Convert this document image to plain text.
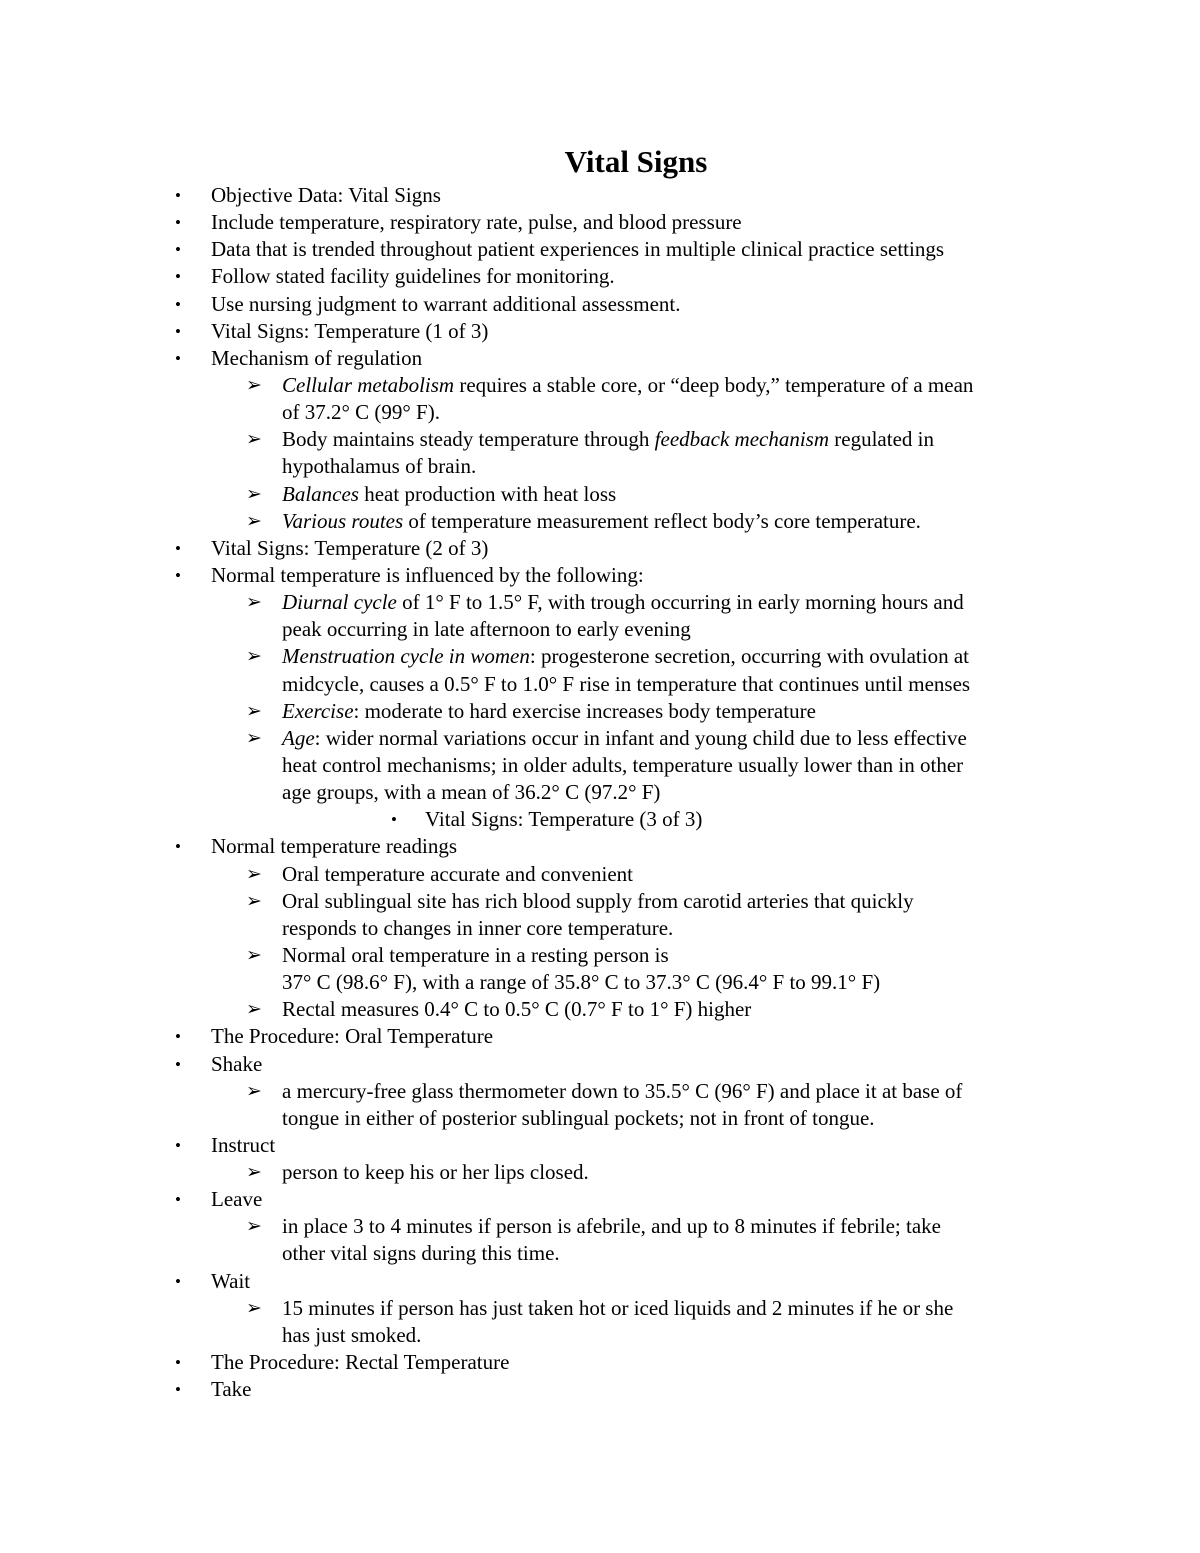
Vital Signs
• Objective Data: Vital Signs
• Include temperature, respiratory rate, pulse, and blood pressure
• Data that is trended throughout patient experiences in multiple clinical practice settings
• Follow stated facility guidelines for monitoring.
• Use nursing judgment to warrant additional assessment.
• Vital Signs: Temperature (1 of 3)
• Mechanism of regulation
➢ Cellular metabolism requires a stable core, or “deep body,” temperature of a mean
of 37.2° C (99° F).
➢ Body maintains steady temperature through feedback mechanism regulated in
hypothalamus of brain.
➢ Balances heat production with heat loss
➢ Various routes of temperature measurement reflect body’s core temperature.
• Vital Signs: Temperature (2 of 3)
• Normal temperature is influenced by the following:
➢ Diurnal cycle of 1° F to 1.5° F, with trough occurring in early morning hours and
peak occurring in late afternoon to early evening
➢ Menstruation cycle in women: progesterone secretion, occurring with ovulation at
midcycle, causes a 0.5° F to 1.0° F rise in temperature that continues until menses
➢ Exercise: moderate to hard exercise increases body temperature
➢ Age: wider normal variations occur in infant and young child due to less effective
heat control mechanisms; in older adults, temperature usually lower than in other
age groups, with a mean of 36.2° C (97.2° F)
• Vital Signs: Temperature (3 of 3)
• Normal temperature readings
➢ Oral temperature accurate and convenient
➢ Oral sublingual site has rich blood supply from carotid arteries that quickly
responds to changes in inner core temperature.
➢ Normal oral temperature in a resting person is
37° C (98.6° F), with a range of 35.8° C to 37.3° C (96.4° F to 99.1° F)
➢ Rectal measures 0.4° C to 0.5° C (0.7° F to 1° F) higher
• The Procedure: Oral Temperature
• Shake
➢ a mercury-free glass thermometer down to 35.5° C (96° F) and place it at base of
tongue in either of posterior sublingual pockets; not in front of tongue.
• Instruct
➢ person to keep his or her lips closed.
• Leave
➢ in place 3 to 4 minutes if person is afebrile, and up to 8 minutes if febrile; take
other vital signs during this time.
• Wait
➢ 15 minutes if person has just taken hot or iced liquids and 2 minutes if he or she
has just smoked.
• The Procedure: Rectal Temperature
• Take
